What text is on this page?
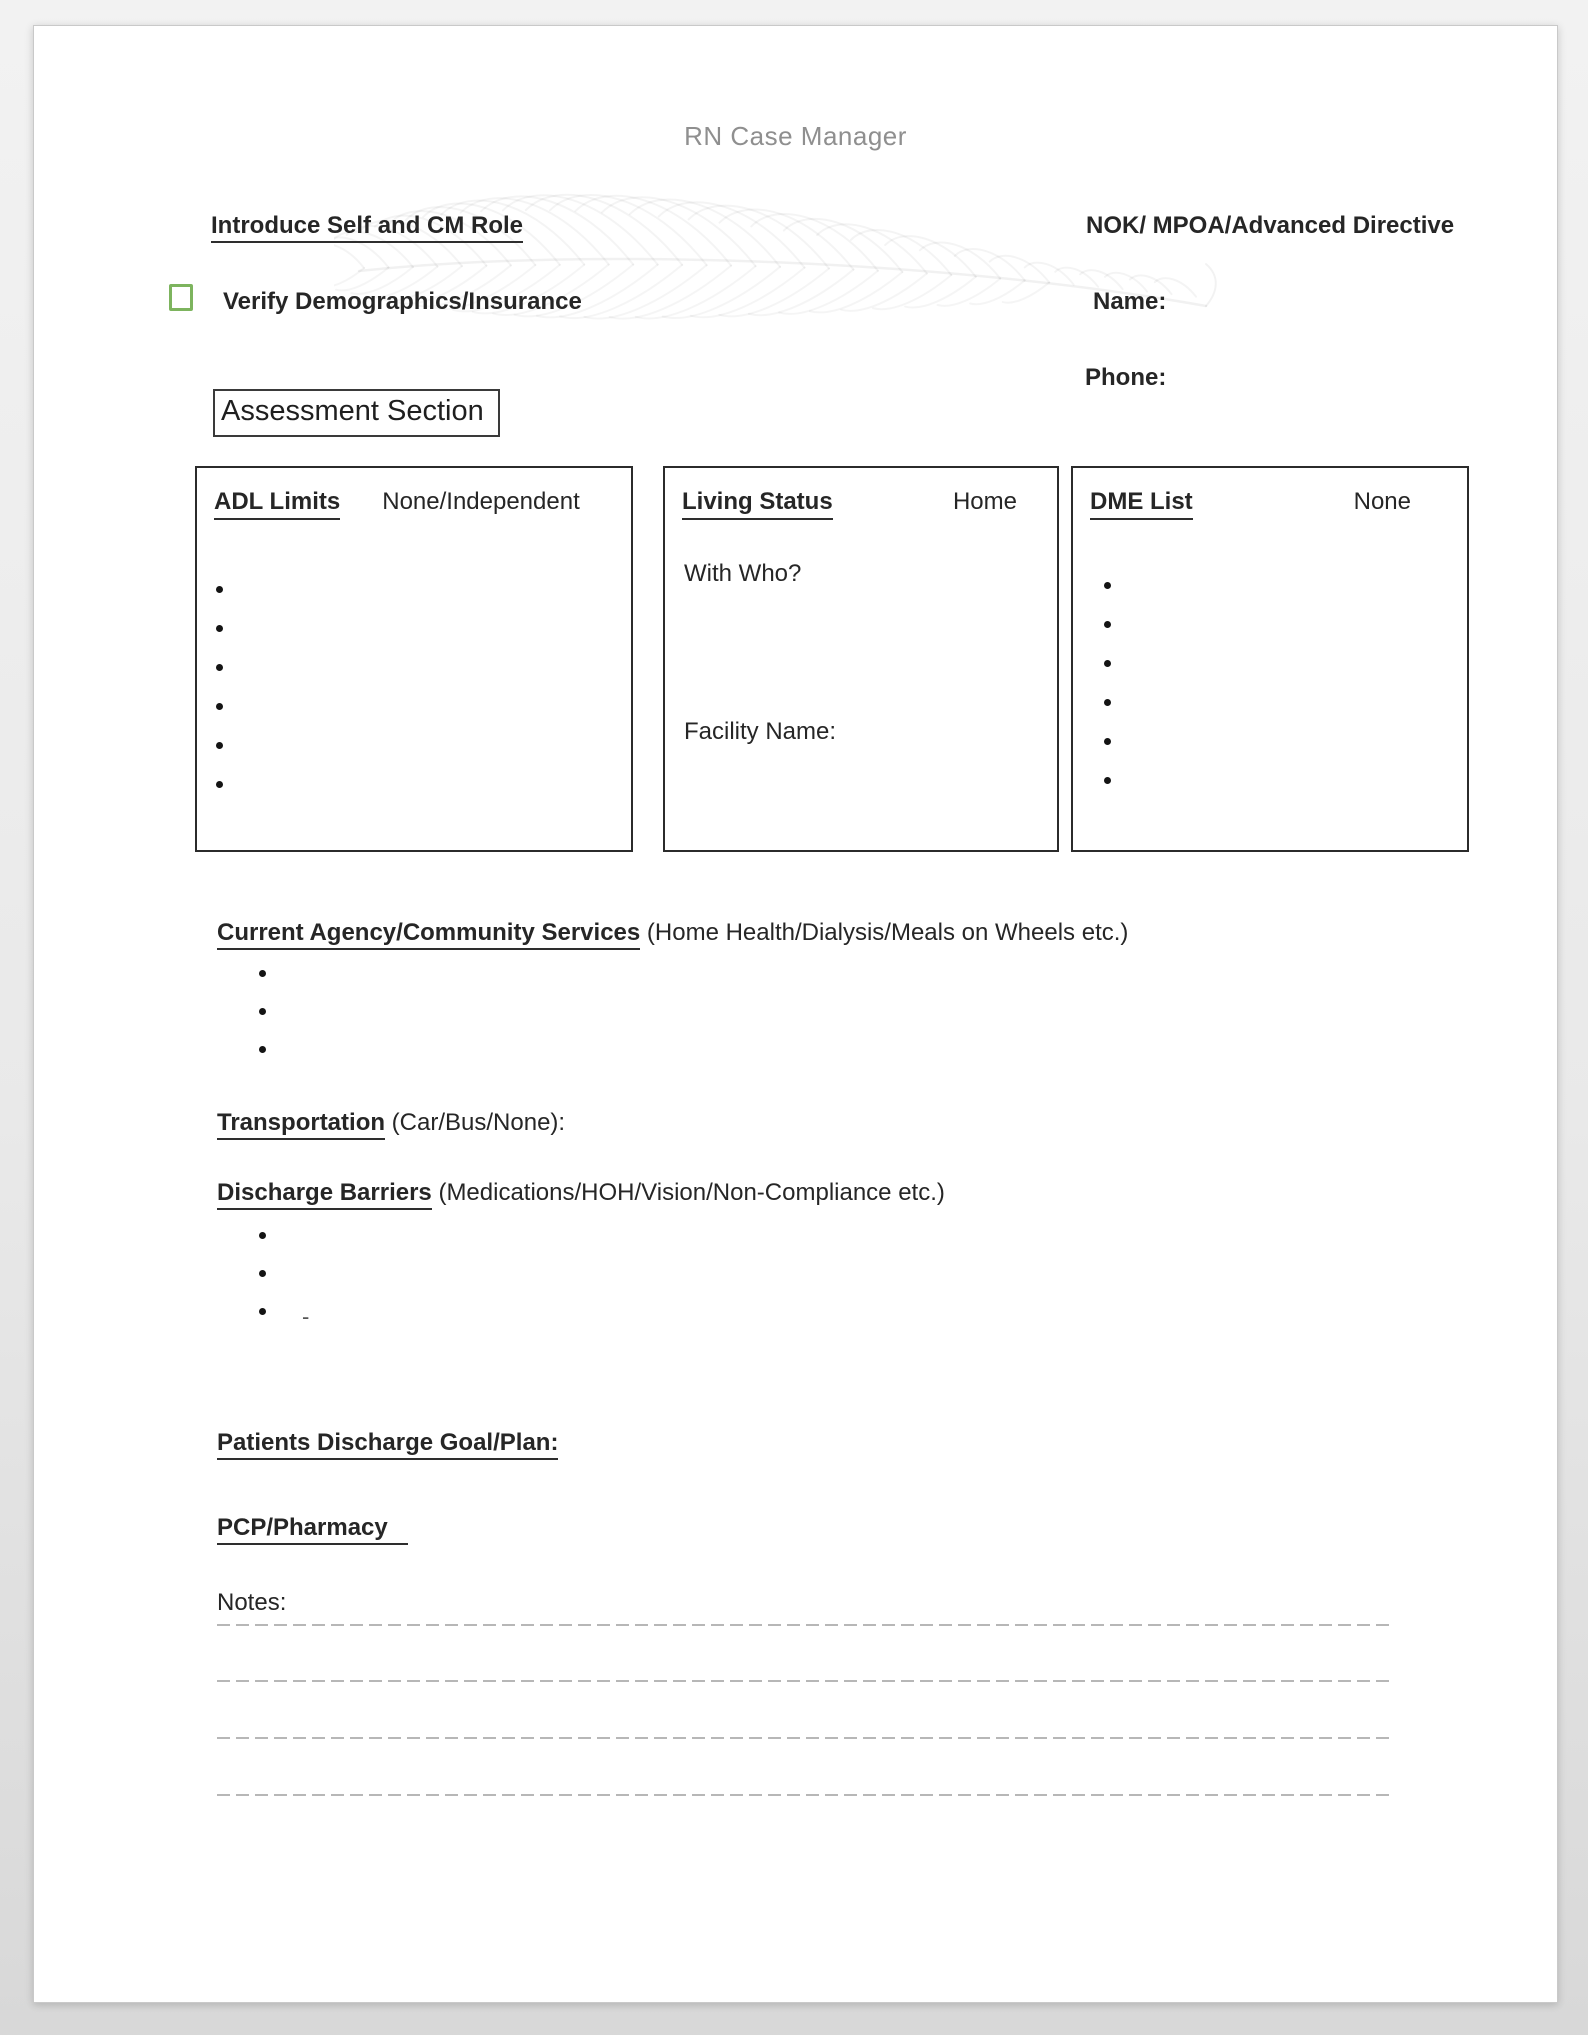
RN Case Manager
Introduce Self and CM Role	NOK/ MPOA/Advanced Directive
Verify Demographics/Insurance	Name:
Phone:
Assessment Section
ADL Limits None/Independent	Living Status	Home
With Who?
Facility Name:
DME List	None
Current Agency/Community Services (Home Health/Dialysis/Meals on Wheels etc.)
Transportation (Car/Bus/None):
Discharge Barriers (Medications/HOH/Vision/Non-Compliance etc.)
-
Patients Discharge Goal/Plan:
PCP/Pharmacy
Notes:
